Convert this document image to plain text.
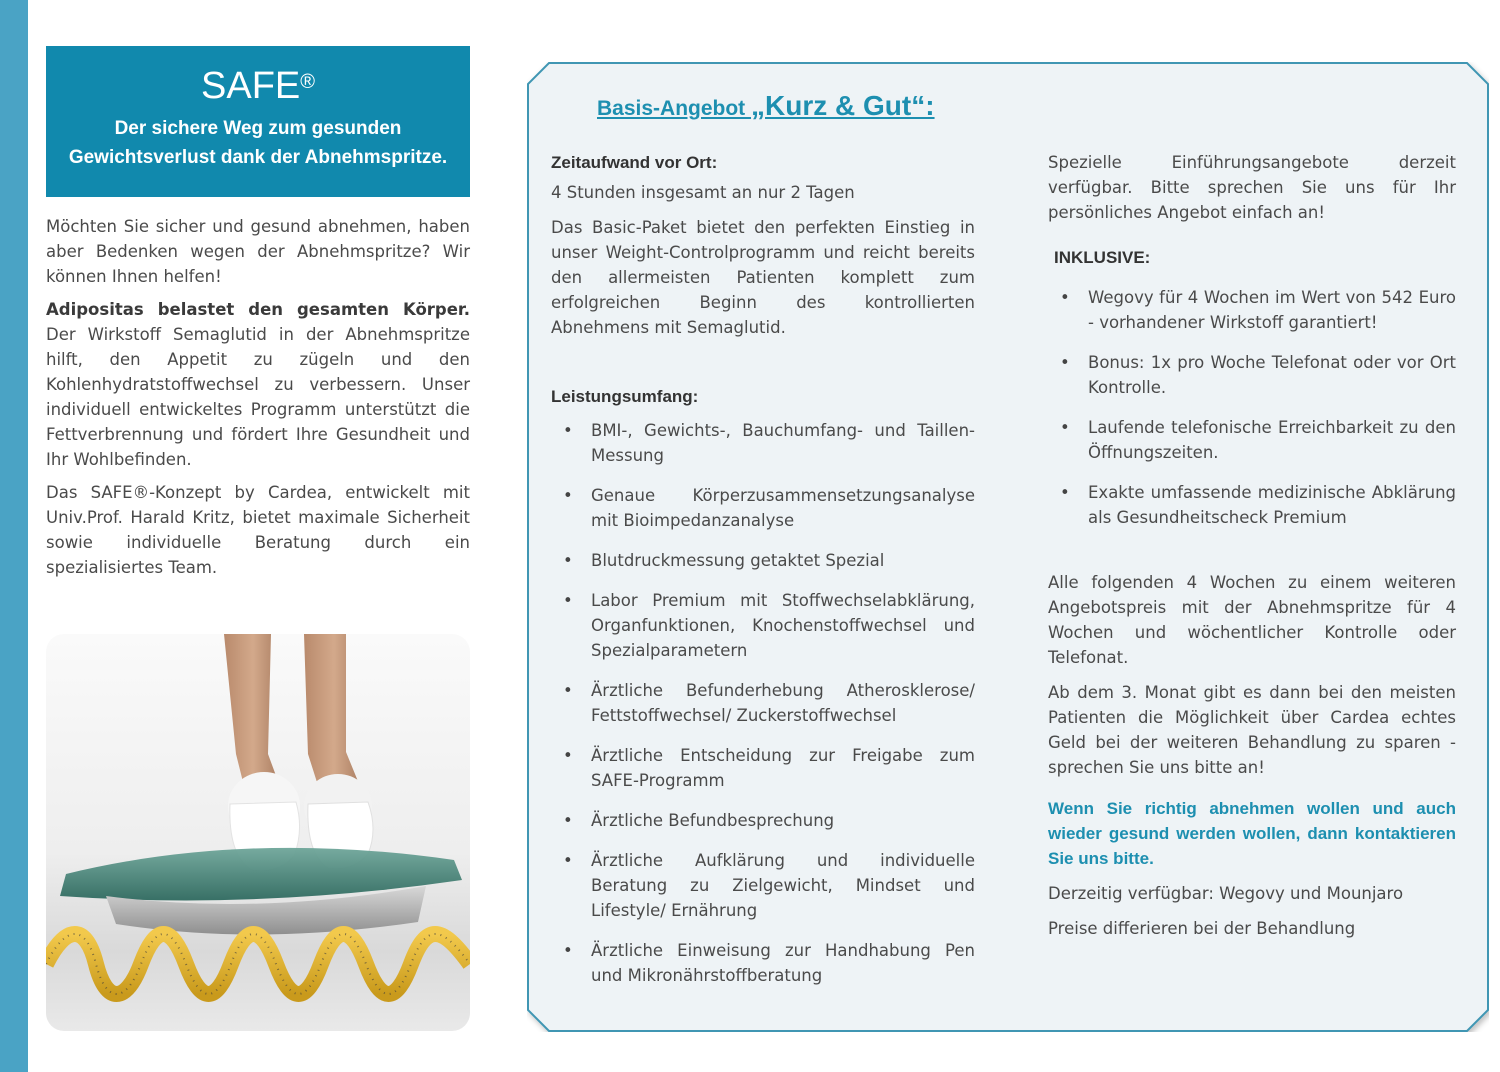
SAFE®
Der sichere Weg zum gesunden
Gewichtsverlust dank der Abnehmspritze.

Möchten Sie sicher und gesund abnehmen, haben aber Bedenken wegen der Abnehmspritze? Wir können Ihnen helfen!

Adipositas belastet den gesamten Körper. Der Wirkstoff Semaglutid in der Abnehmspritze hilft, den Appetit zu zügeln und den Kohlenhydratstoffwechsel zu verbessern. Unser individuell entwickeltes Programm unterstützt die Fettverbrennung und fördert Ihre Gesundheit und Ihr Wohlbefinden.

Das SAFE®-Konzept by Cardea, entwickelt mit Univ.Prof. Harald Kritz, bietet maximale Sicherheit sowie individuelle Beratung durch ein spezialisiertes Team.

Basis-Angebot „Kurz & Gut“:
Zeitaufwand vor Ort:
4 Stunden insgesamt an nur 2 Tagen

Das Basic-Paket bietet den perfekten Einstieg in unser Weight-Controlprogramm und reicht bereits den allermeisten Patienten komplett zum erfolgreichen Beginn des kontrollierten Abnehmens mit Semaglutid.

Leistungsumfang:
• BMI-, Gewichts-, Bauchumfang- und Taillen-Messung
• Genaue Körperzusammensetzungsanalyse mit Bioimpedanzanalyse
• Blutdruckmessung getaktet Spezial
• Labor Premium mit Stoffwechselabklärung, Organfunktionen, Knochenstoffwechsel und Spezialparametern
• Ärztliche Befunderhebung Atherosklerose/ Fettstoffwechsel/ Zuckerstoffwechsel
• Ärztliche Entscheidung zur Freigabe zum SAFE-Programm
• Ärztliche Befundbesprechung
• Ärztliche Aufklärung und individuelle Beratung zu Zielgewicht, Mindset und Lifestyle/ Ernährung
• Ärztliche Einweisung zur Handhabung Pen und Mikronährstoffberatung

Spezielle Einführungsangebote derzeit verfügbar. Bitte sprechen Sie uns für Ihr persönliches Angebot einfach an!

INKLUSIVE:
• Wegovy für 4 Wochen im Wert von 542 Euro - vorhandener Wirkstoff garantiert!
• Bonus: 1x pro Woche Telefonat oder vor Ort Kontrolle.
• Laufende telefonische Erreichbarkeit zu den Öffnungszeiten.
• Exakte umfassende medizinische Abklärung als Gesundheitscheck Premium

Alle folgenden 4 Wochen zu einem weiteren Angebotspreis mit der Abnehmspritze für 4 Wochen und wöchentlicher Kontrolle oder Telefonat.

Ab dem 3. Monat gibt es dann bei den meisten Patienten die Möglichkeit über Cardea echtes Geld bei der weiteren Behandlung zu sparen - sprechen Sie uns bitte an!

Wenn Sie richtig abnehmen wollen und auch wieder gesund werden wollen, dann kontaktieren Sie uns bitte.

Derzeitig verfügbar: Wegovy und Mounjaro
Preise differieren bei der Behandlung
